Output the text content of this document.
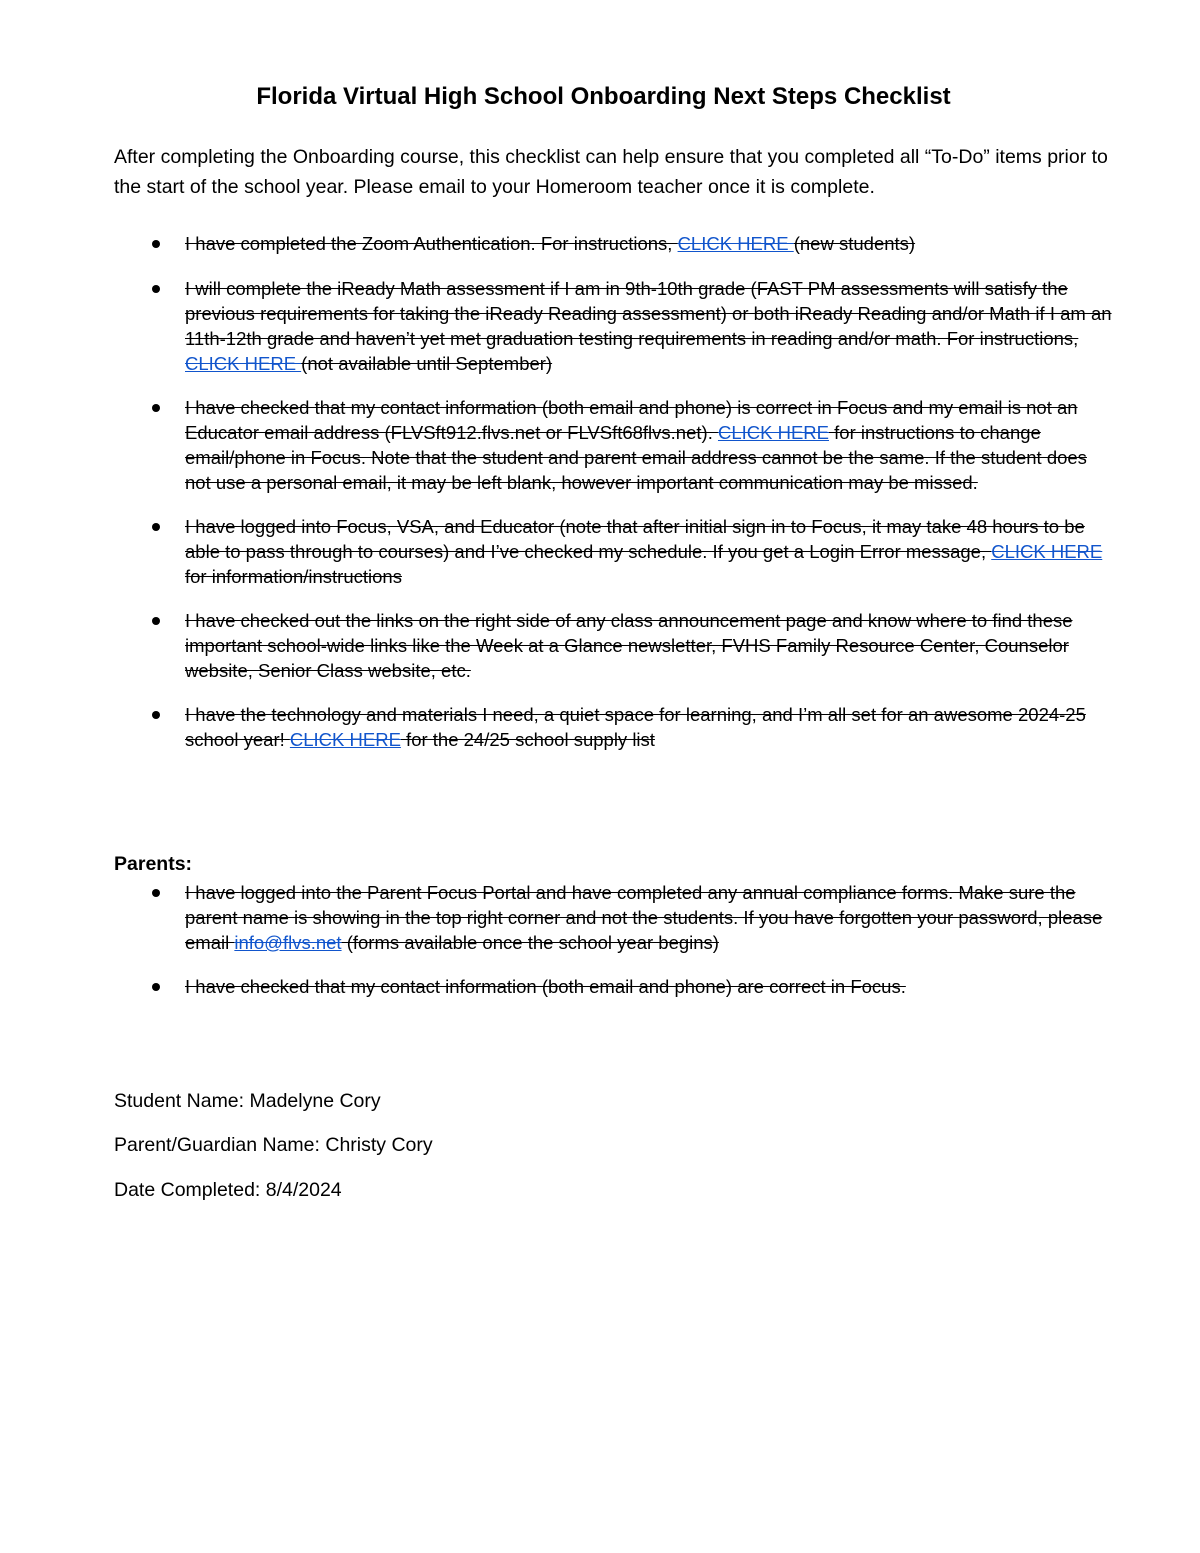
Florida Virtual High School Onboarding Next Steps Checklist

After completing the Onboarding course, this checklist can help ensure that you completed all “To-Do” items prior to the start of the school year. Please email to your Homeroom teacher once it is complete.

I have completed the Zoom Authentication. For instructions, CLICK HERE (new students)
I will complete the iReady Math assessment if I am in 9th-10th grade (FAST PM assessments will satisfy the previous requirements for taking the iReady Reading assessment) or both iReady Reading and/or Math if I am an 11th-12th grade and haven’t yet met graduation testing requirements in reading and/or math. For instructions, CLICK HERE (not available until September)
I have checked that my contact information (both email and phone) is correct in Focus and my email is not an Educator email address (FLVSft912.flvs.net or FLVSft68flvs.net). CLICK HERE for instructions to change email/phone in Focus. Note that the student and parent email address cannot be the same. If the student does not use a personal email, it may be left blank, however important communication may be missed.
I have logged into Focus, VSA, and Educator (note that after initial sign in to Focus, it may take 48 hours to be able to pass through to courses) and I’ve checked my schedule. If you get a Login Error message, CLICK HERE for information/instructions
I have checked out the links on the right side of any class announcement page and know where to find these important school-wide links like the Week at a Glance newsletter, FVHS Family Resource Center, Counselor website, Senior Class website, etc.
I have the technology and materials I need, a quiet space for learning, and I’m all set for an awesome 2024-25 school year! CLICK HERE for the 24/25 school supply list

Parents:

I have logged into the Parent Focus Portal and have completed any annual compliance forms. Make sure the parent name is showing in the top right corner and not the students. If you have forgotten your password, please email info@flvs.net (forms available once the school year begins)
I have checked that my contact information (both email and phone) are correct in Focus.

Student Name: Madelyne Cory

Parent/Guardian Name: Christy Cory

Date Completed: 8/4/2024
